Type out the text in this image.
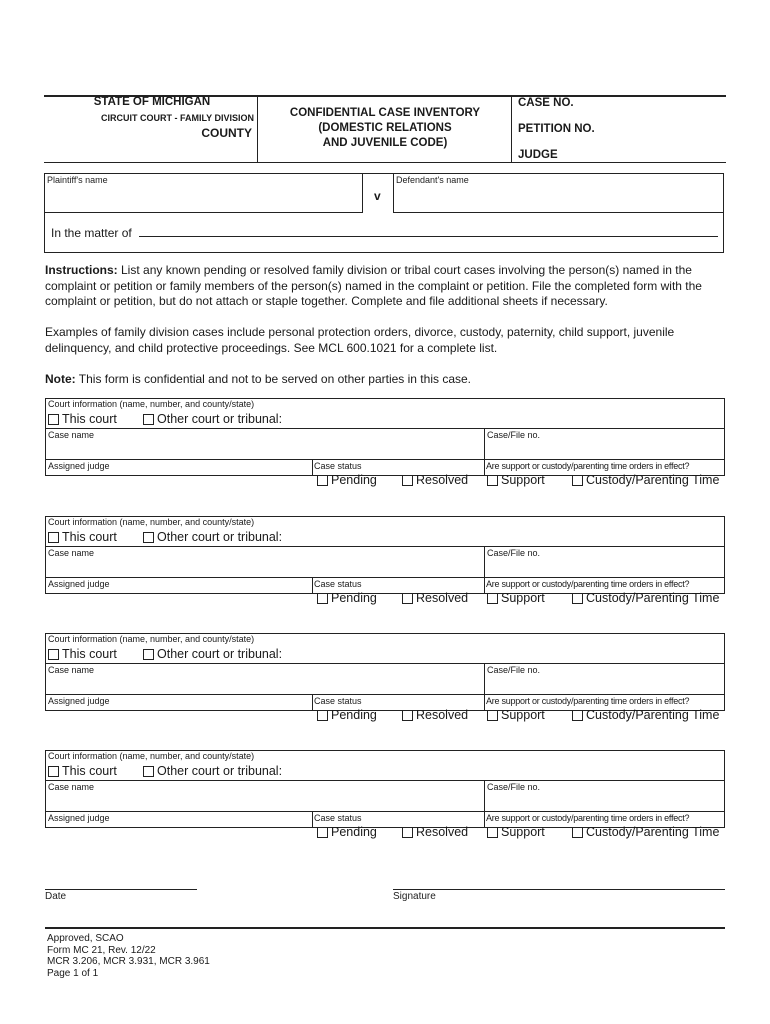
STATE OF MICHIGAN
CIRCUIT COURT - FAMILY DIVISION
COUNTY
CONFIDENTIAL CASE INVENTORY
(DOMESTIC RELATIONS
AND JUVENILE CODE)
CASE NO.
PETITION NO.
JUDGE
Plaintiff's name
v
Defendant's name
In the matter of
Instructions: List any known pending or resolved family division or tribal court cases involving the person(s) named in the complaint or petition or family members of the person(s) named in the complaint or petition. File the completed form with the complaint or petition, but do not attach or staple together. Complete and file additional sheets if necessary.
Examples of family division cases include personal protection orders, divorce, custody, paternity, child support, juvenile delinquency, and child protective proceedings. See MCL 600.1021 for a complete list.
Note: This form is confidential and not to be served on other parties in this case.
Court information (name, number, and county/state)
This court	Other court or tribunal:
Case name	Case/File no.
Assigned judge	Case status
Pending	Resolved
Are support or custody/parenting time orders in effect?
Support	Custody/Parenting Time
Court information (name, number, and county/state)
This court	Other court or tribunal:
Case name	Case/File no.
Assigned judge	Case status
Pending	Resolved
Are support or custody/parenting time orders in effect?
Support	Custody/Parenting Time
Court information (name, number, and county/state)
This court	Other court or tribunal:
Case name	Case/File no.
Assigned judge	Case status
Pending	Resolved
Are support or custody/parenting time orders in effect?
Support	Custody/Parenting Time
Court information (name, number, and county/state)
This court	Other court or tribunal:
Case name	Case/File no.
Assigned judge	Case status
Pending	Resolved
Are support or custody/parenting time orders in effect?
Support	Custody/Parenting Time
Date	Signature
Approved, SCAO
Form MC 21, Rev. 12/22
MCR 3.206, MCR 3.931, MCR 3.961
Page 1 of 1
